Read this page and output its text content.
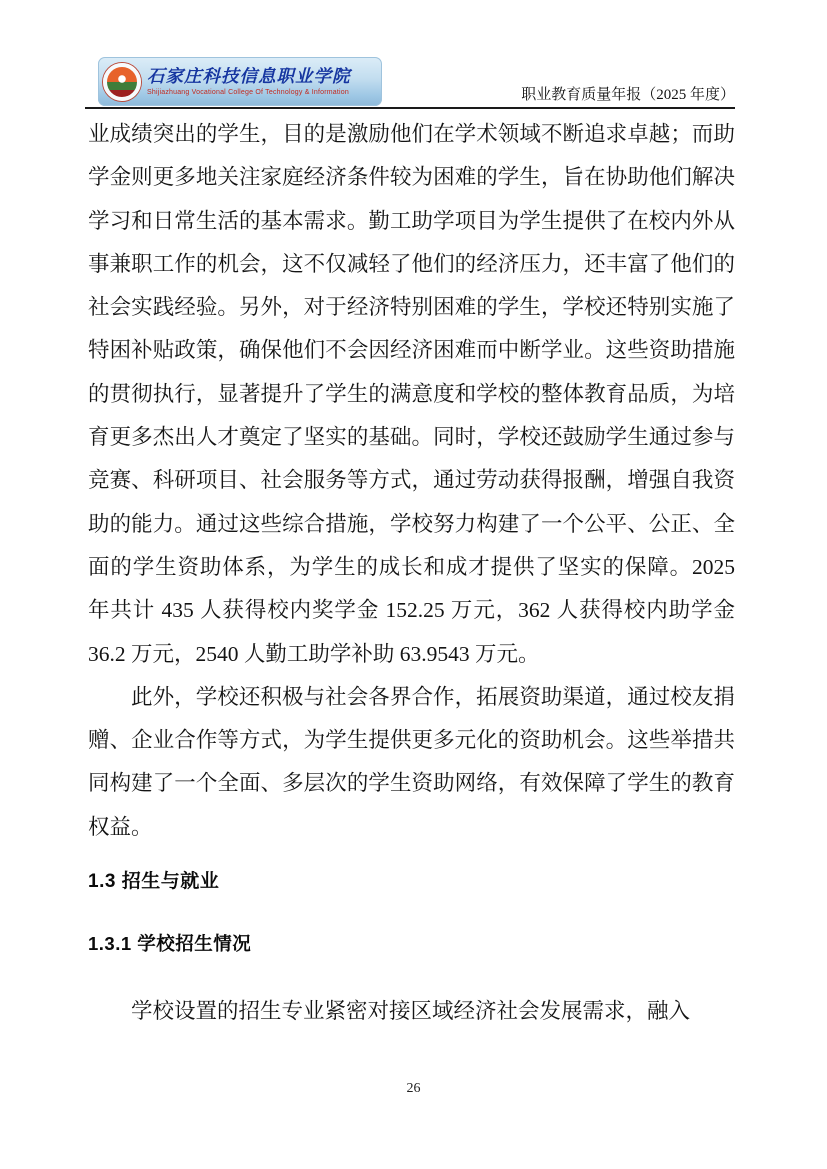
石家庄科技信息职业学院
Shijiazhuang Vocational College Of Technology & Information	职业教育质量年报（2025 年度）

业成绩突出的学生，目的是激励他们在学术领域不断追求卓越；而助学金则更多地关注家庭经济条件较为困难的学生，旨在协助他们解决学习和日常生活的基本需求。勤工助学项目为学生提供了在校内外从事兼职工作的机会，这不仅减轻了他们的经济压力，还丰富了他们的社会实践经验。另外，对于经济特别困难的学生，学校还特别实施了特困补贴政策，确保他们不会因经济困难而中断学业。这些资助措施的贯彻执行，显著提升了学生的满意度和学校的整体教育品质，为培育更多杰出人才奠定了坚实的基础。同时，学校还鼓励学生通过参与竞赛、科研项目、社会服务等方式，通过劳动获得报酬，增强自我资助的能力。通过这些综合措施，学校努力构建了一个公平、公正、全面的学生资助体系，为学生的成长和成才提供了坚实的保障。2025 年共计 435 人获得校内奖学金 152.25 万元，362 人获得校内助学金 36.2 万元，2540 人勤工助学补助 63.9543 万元。

此外，学校还积极与社会各界合作，拓展资助渠道，通过校友捐赠、企业合作等方式，为学生提供更多元化的资助机会。这些举措共同构建了一个全面、多层次的学生资助网络，有效保障了学生的教育权益。

1.3 招生与就业
1.3.1 学校招生情况

学校设置的招生专业紧密对接区域经济社会发展需求，融入

26
